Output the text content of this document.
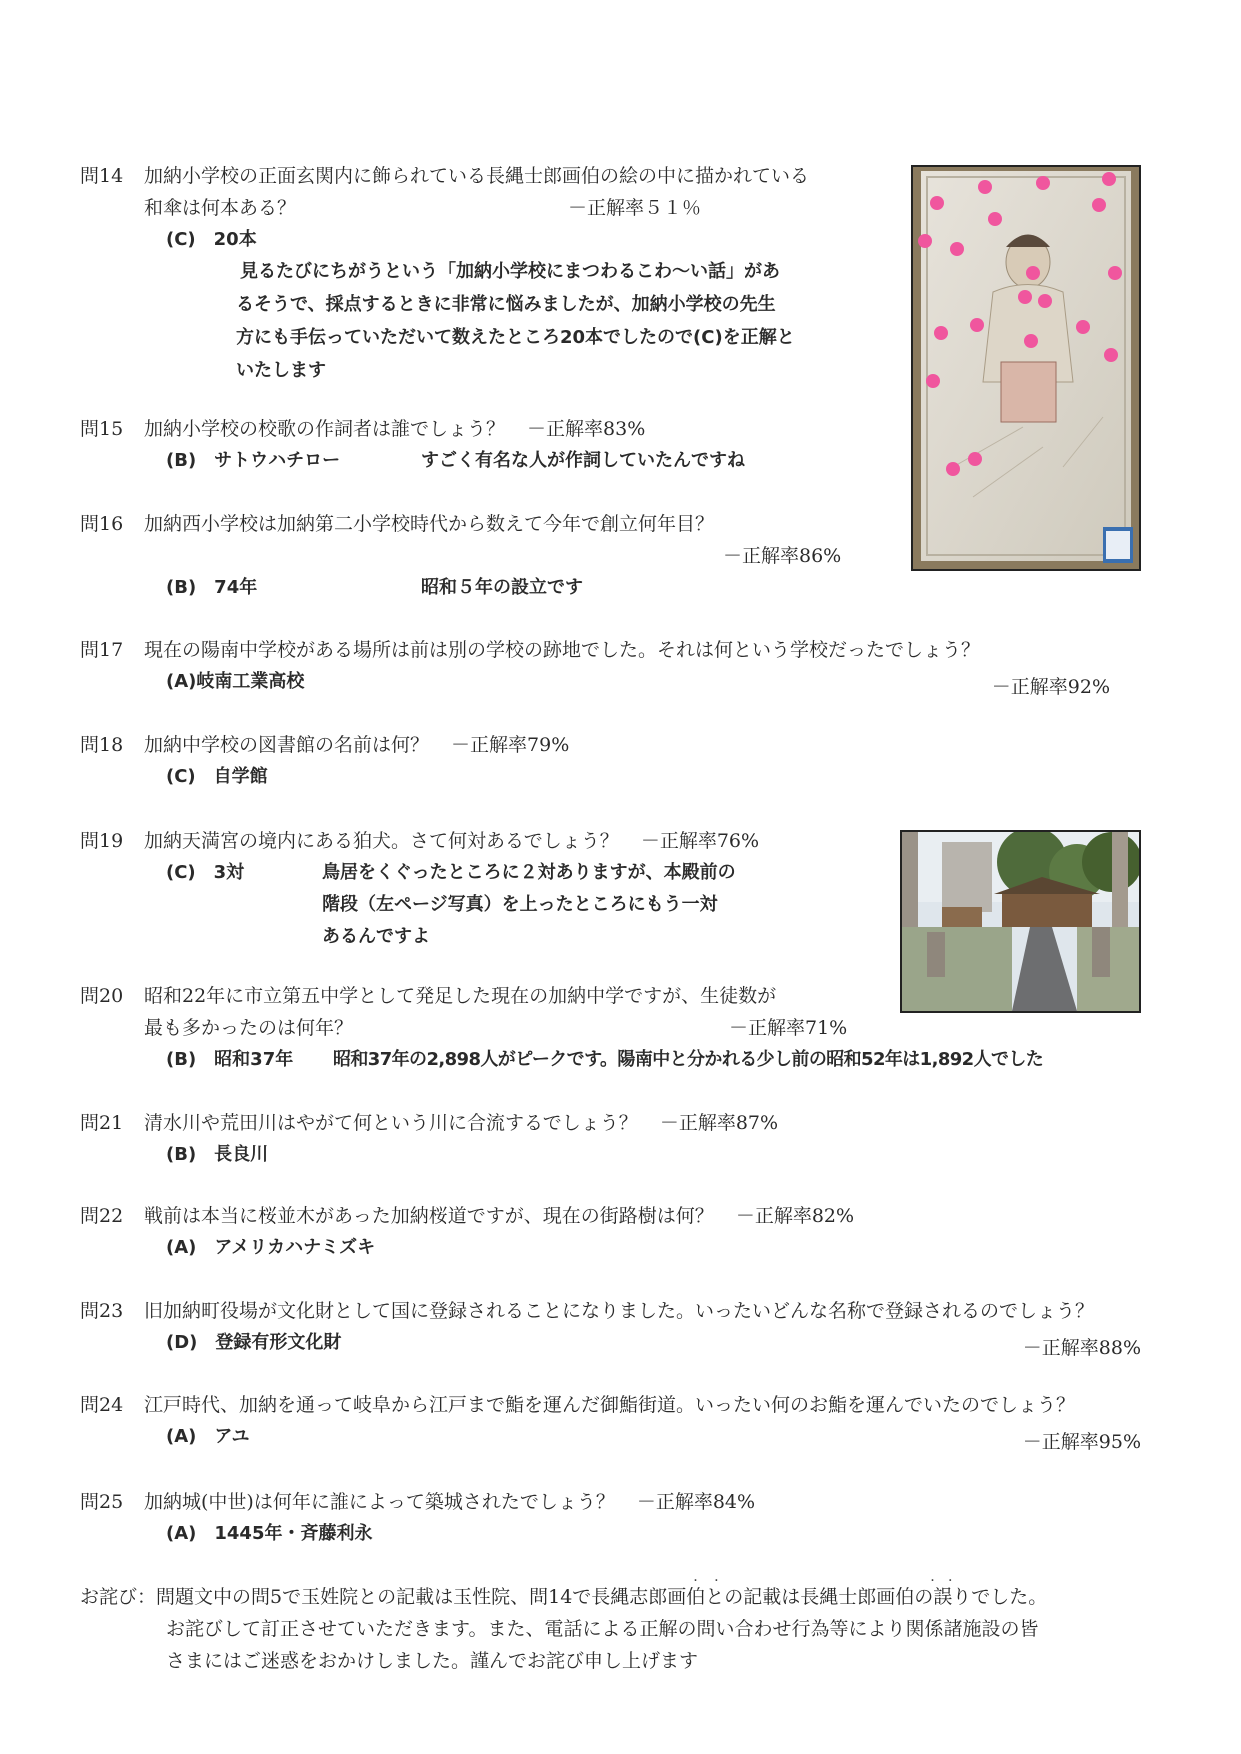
問14 加納小学校の正面玄関内に飾られている長縄士郎画伯の絵の中に描かれている
和傘は何本ある？	－正解率５１％
(C)　20本
見るたびにちがうという「加納小学校にまつわるこわ～い話」があ
るそうで、採点するときに非常に悩みましたが、加納小学校の先生
方にも手伝っていただいて数えたところ20本でしたので(C)を正解と
いたします
問15 加納小学校の校歌の作詞者は誰でしょう？ －正解率83%
(B)　サトウハチロー	すごく有名な人が作詞していたんですね
問16 加納西小学校は加納第二小学校時代から数えて今年で創立何年目？
－正解率86%
(B)　74年	昭和５年の設立です
問17 現在の陽南中学校がある場所は前は別の学校の跡地でした。それは何という学校だったでしょう？
(A)岐南工業高校	－正解率92%
問18 加納中学校の図書館の名前は何？ －正解率79%
(C)　自学館
問19 加納天満宮の境内にある狛犬。さて何対あるでしょう？ －正解率76%
(C)　3対	鳥居をくぐったところに２対ありますが、本殿前の
階段（左ページ写真）を上ったところにもう一対
あるんですよ
問20 昭和22年に市立第五中学として発足した現在の加納中学ですが、生徒数が
最も多かったのは何年？	－正解率71%
(B)　昭和37年 昭和37年の2,898人がピークです。陽南中と分かれる少し前の昭和52年は1,892人でした
問21 清水川や荒田川はやがて何という川に合流するでしょう？ －正解率87%
(B)　長良川
問22 戦前は本当に桜並木があった加納桜道ですが、現在の街路樹は何？ －正解率82%
(A)　アメリカハナミズキ
問23 旧加納町役場が文化財として国に登録されることになりました。いったいどんな名称で登録されるのでしょう？
(D)　登録有形文化財	－正解率88%
問24 江戸時代、加納を通って岐阜から江戸まで鮨を運んだ御鮨街道。いったい何のお鮨を運んでいたのでしょう？
(A)　アユ	－正解率95%
問25 加納城(中世)は何年に誰によって築城されたでしょう？ －正解率84%
(A)　1445年・斉藤利永
･     ･	･    ･
お詫び：問題文中の問5で玉姓院との記載は玉性院、問14で長縄志郎画伯との記載は長縄士郎画伯の誤りでした。
お詫びして訂正させていただきます。また、電話による正解の問い合わせ行為等により関係諸施設の皆
さまにはご迷惑をおかけしました。謹んでお詫び申し上げます
